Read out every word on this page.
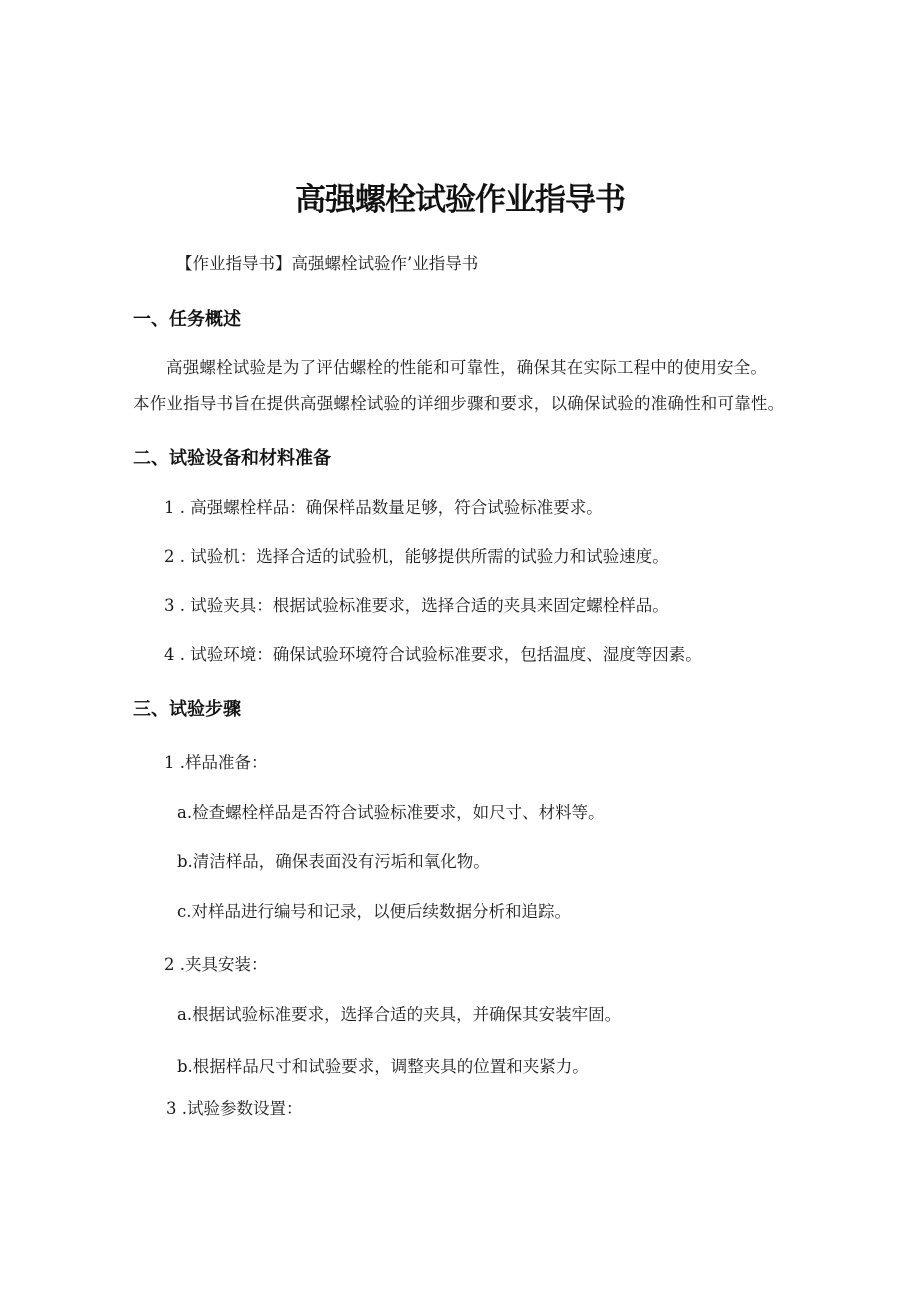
高强螺栓试验作业指导书

【作业指导书】高强螺栓试验作’业指导书

一、任务概述

高强螺栓试验是为了评估螺栓的性能和可靠性，确保其在实际工程中的使用安全。

本作业指导书旨在提供高强螺栓试验的详细步骤和要求，以确保试验的准确性和可靠性。

二、试验设备和材料准备

1 . 高强螺栓样品：确保样品数量足够，符合试验标准要求。

2 . 试验机：选择合适的试验机，能够提供所需的试验力和试验速度。

3 . 试验夹具：根据试验标准要求，选择合适的夹具来固定螺栓样品。

4 . 试验环境：确保试验环境符合试验标准要求，包括温度、湿度等因素。

三、试验步骤

1 .样品准备：

a.检查螺栓样品是否符合试验标准要求，如尺寸、材料等。

b.清洁样品，确保表面没有污垢和氧化物。

c.对样品进行编号和记录，以便后续数据分析和追踪。

2 .夹具安装：

a.根据试验标准要求，选择合适的夹具，并确保其安装牢固。

b.根据样品尺寸和试验要求，调整夹具的位置和夹紧力。

3 .试验参数设置：
